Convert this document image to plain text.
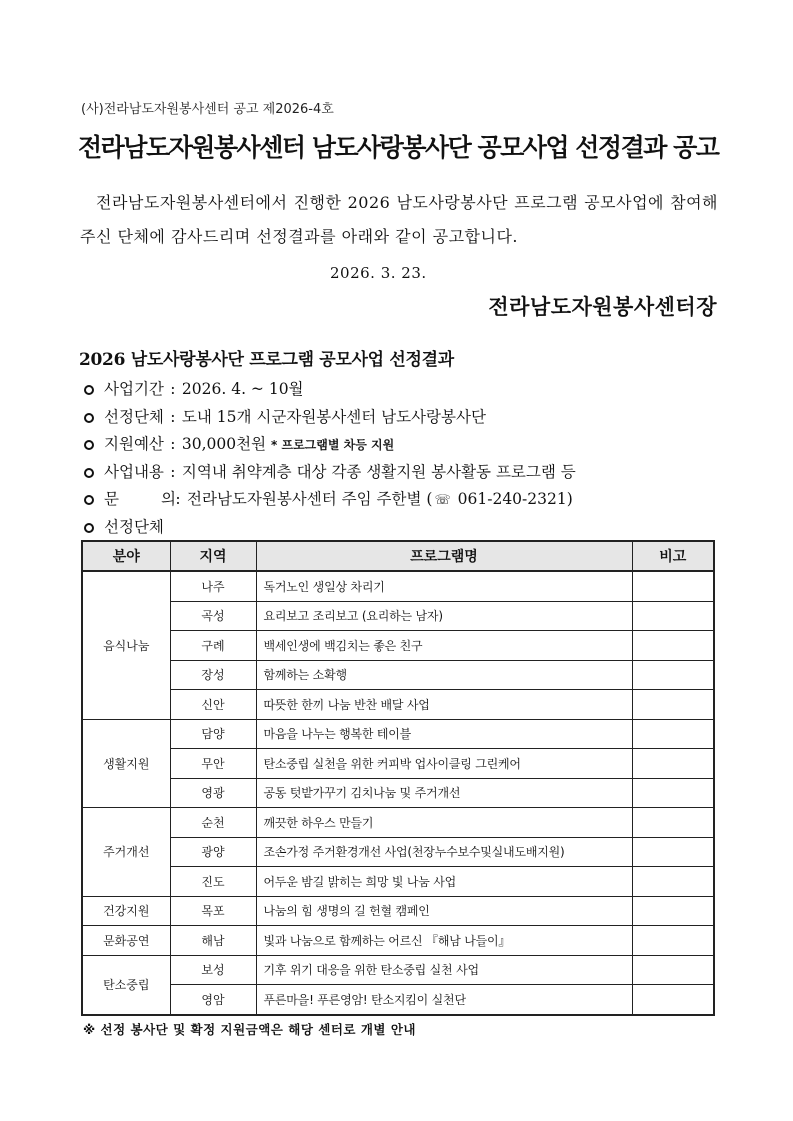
(사)전라남도자원봉사센터 공고 제2026-4호
전라남도자원봉사센터 남도사랑봉사단 공모사업 선정결과 공고
전라남도자원봉사센터에서 진행한 2026 남도사랑봉사단 프로그램 공모사업에 참여해 주신 단체에 감사드리며 선정결과를 아래와 같이 공고합니다.
2026. 3. 23.
전라남도자원봉사센터장
2026 남도사랑봉사단 프로그램 공모사업 선정결과
사업기간 : 2026. 4. ~ 10월
선정단체 : 도내 15개 시군자원봉사센터 남도사랑봉사단
지원예산 : 30,000천원 * 프로그램별 차등 지원
사업내용 : 지역내 취약계층 대상 각종 생활지원 봉사활동 프로그램 등
문	의: 전라남도자원봉사센터 주임 주한별 ( ☏ 061-240-2321)
선정단체
분야	지역	프로그램명	비고
음식나눔	나주	독거노인 생일상 차리기	
	곡성	요리보고 조리보고 (요리하는 남자)	
	구례	백세인생에 백김치는 좋은 친구	
	장성	함께하는 소확행	
	신안	따뜻한 한끼 나눔 반찬 배달 사업	
생활지원	담양	마음을 나누는 행복한 테이블	
	무안	탄소중립 실천을 위한 커피박 업사이클링 그린케어	
	영광	공동 텃밭가꾸기 김치나눔 및 주거개선	
주거개선	순천	깨끗한 하우스 만들기	
	광양	조손가정 주거환경개선 사업(천장누수보수및실내도배지원)	
	진도	어두운 밤길 밝히는 희망 빛 나눔 사업	
건강지원	목포	나눔의 힘 생명의 길 헌혈 캠페인	
문화공연	해남	빛과 나눔으로 함께하는 어르신 『해남 나들이』	
탄소중립	보성	기후 위기 대응을 위한 탄소중립 실천 사업	
	영암	푸른마을! 푸른영암! 탄소지킴이 실천단	
※ 선정 봉사단 및 확정 지원금액은 해당 센터로 개별 안내
